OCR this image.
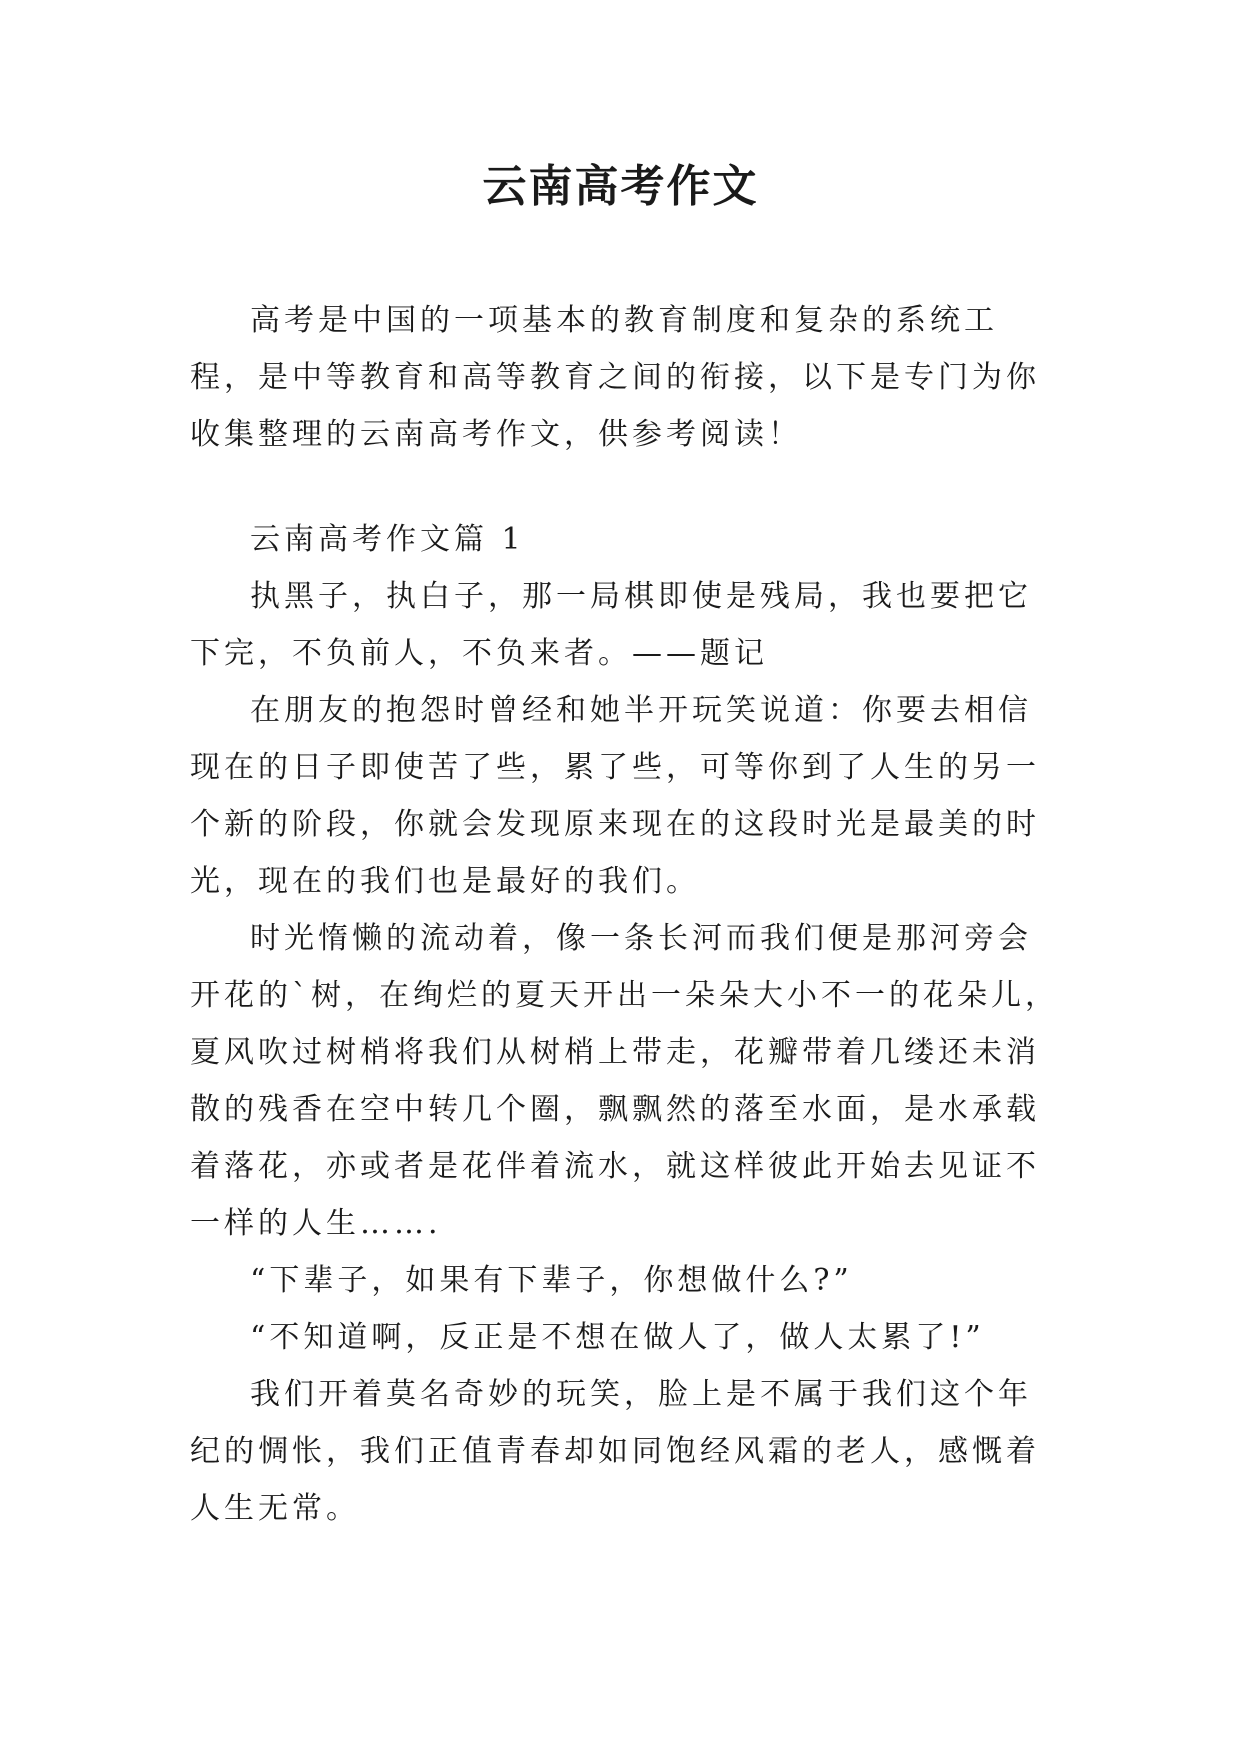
云南高考作文

高考是中国的一项基本的教育制度和复杂的系统工程，是中等教育和高等教育之间的衔接，以下是专门为你收集整理的云南高考作文，供参考阅读！

云南高考作文篇 1

执黑子，执白子，那一局棋即使是残局，我也要把它下完，不负前人，不负来者。——题记

在朋友的抱怨时曾经和她半开玩笑说道：你要去相信现在的日子即使苦了些，累了些，可等你到了人生的另一个新的阶段，你就会发现原来现在的这段时光是最美的时光，现在的我们也是最好的我们。

时光惰懒的流动着，像一条长河而我们便是那河旁会开花的`树，在绚烂的夏天开出一朵朵大小不一的花朵儿，夏风吹过树梢将我们从树梢上带走，花瓣带着几缕还未消散的残香在空中转几个圈，飘飘然的落至水面，是水承载着落花，亦或者是花伴着流水，就这样彼此开始去见证不一样的人生…….

“下辈子，如果有下辈子，你想做什么?”

“不知道啊，反正是不想在做人了，做人太累了!”

我们开着莫名奇妙的玩笑，脸上是不属于我们这个年纪的惆怅，我们正值青春却如同饱经风霜的老人，感慨着人生无常。
